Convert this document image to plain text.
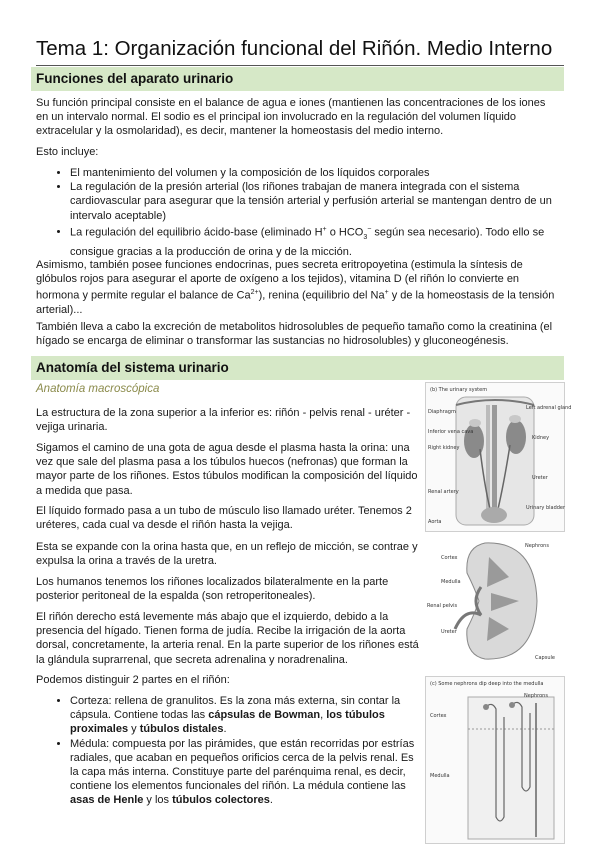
Tema 1: Organización funcional del Riñón. Medio Interno
Funciones del aparato urinario
Su función principal consiste en el balance de agua e iones (mantienen las concentraciones de los iones en un intervalo normal. El sodio es el principal ion involucrado en la regulación del volumen líquido extracelular y la osmolaridad), es decir, mantener la homeostasis del medio interno.
Esto incluye:
• El mantenimiento del volumen y la composición de los líquidos corporales
• La regulación de la presión arterial (los riñones trabajan de manera integrada con el sistema cardiovascular para asegurar que la tensión arterial y perfusión arterial se mantengan dentro de un intervalo aceptable)
• La regulación del equilibrio ácido-base (eliminado H+ o $HCO_3^-$ según sea necesario). Todo ello se consigue gracias a la producción de orina y de la micción.
Asimismo, también posee funciones endocrinas, pues secreta eritropoyetina (estimula la síntesis de glóbulos rojos para asegurar el aporte de oxígeno a los tejidos), vitamina D (el riñón lo convierte en hormona y permite regular el balance de $Ca^{2+}$), renina (equilibrio del Na+ y de la homeostasis de la tensión arterial)...
También lleva a cabo la excreción de metabolitos hidrosolubles de pequeño tamaño como la creatinina (el hígado se encarga de eliminar o transformar las sustancias no hidrosolubles) y gluconeogénesis.
Anatomía del sistema urinario
Anatomía macroscópica
La estructura de la zona superior a la inferior es: riñón - pelvis renal - uréter - vejiga urinaria.
Sigamos el camino de una gota de agua desde el plasma hasta la orina: una vez que sale del plasma pasa a los túbulos huecos (nefronas) que forman la mayor parte de los riñones. Estos túbulos modifican la composición del líquido a medida que pasa.
El líquido formado pasa a un tubo de músculo liso llamado uréter. Tenemos 2 uréteres, cada cual va desde el riñón hasta la vejiga.
Esta se expande con la orina hasta que, en un reflejo de micción, se contrae y expulsa la orina a través de la uretra.
Los humanos tenemos los riñones localizados bilateralmente en la parte posterior peritoneal de la espalda (son retroperitoneales).
El riñón derecho está levemente más abajo que el izquierdo, debido a la presencia del hígado. Tienen forma de judía. Recibe la irrigación de la aorta dorsal, concretamente, la arteria renal. En la parte superior de los riñones está la glándula suprarrenal, que secreta adrenalina y noradrenalina.
Podemos distinguir 2 partes en el riñón:
• Corteza: rellena de granulitos. Es la zona más externa, sin contar la cápsula. Contiene todas las cápsulas de Bowman, los túbulos proximales y túbulos distales.
• Médula: compuesta por las pirámides, que están recorridas por estrías radiales, que acaban en pequeños orificios cerca de la pelvis renal. Es la capa más interna. Constituye parte del parénquima renal, es decir, contiene los elementos funcionales del riñón. La médula contiene las asas de Henle y los túbulos colectores.
(b) The urinary system
Diaphragm
Left adrenal gland
Inferior vena cava
Kidney
Right kidney
Ureter
Urinary bladder
Aorta
Renal artery
Nephrons
Cortex
Medulla
Renal pelvis
Ureter
Capsule
(c) Some nephrons dip deep into the medulla
Cortex
Nephrons
Medulla
